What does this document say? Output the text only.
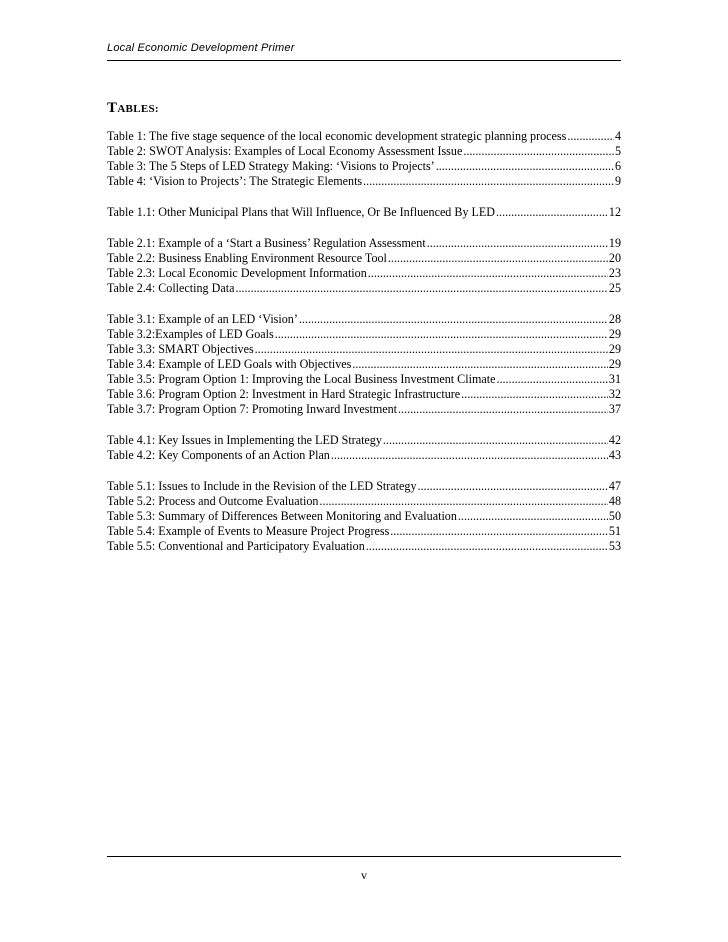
Local Economic Development Primer
TABLES:
Table 1: The five stage sequence of the local economic development strategic planning process .....	4
Table 2: SWOT Analysis: Examples of Local Economy Assessment Issue .....	5
Table 3: The 5 Steps of LED Strategy Making: ‘Visions to Projects’ .....	6
Table 4: ‘Vision to Projects’: The Strategic Elements .....	9
Table 1.1: Other Municipal Plans that Will Influence, Or Be Influenced By LED .....	12
Table 2.1: Example of a ‘Start a Business’ Regulation Assessment .....	19
Table 2.2: Business Enabling Environment Resource Tool .....	20
Table 2.3: Local Economic Development Information .....	23
Table 2.4: Collecting Data .....	25
Table 3.1: Example of an LED ‘Vision’ .....	28
Table 3.2:Examples of LED Goals .....	29
Table 3.3: SMART Objectives .....	29
Table 3.4: Example of LED Goals with Objectives .....	29
Table 3.5: Program Option 1: Improving the Local Business Investment Climate .....	31
Table 3.6: Program Option 2: Investment in Hard Strategic Infrastructure .....	32
Table 3.7: Program Option 7: Promoting Inward Investment .....	37
Table 4.1: Key Issues in Implementing the LED Strategy .....	42
Table 4.2: Key Components of an Action Plan .....	43
Table 5.1: Issues to Include in the Revision of the LED Strategy .....	47
Table 5.2: Process and Outcome Evaluation .....	48
Table 5.3: Summary of Differences Between Monitoring and Evaluation .....	50
Table 5.4: Example of Events to Measure Project Progress .....	51
Table 5.5: Conventional and Participatory Evaluation .....	53
v
